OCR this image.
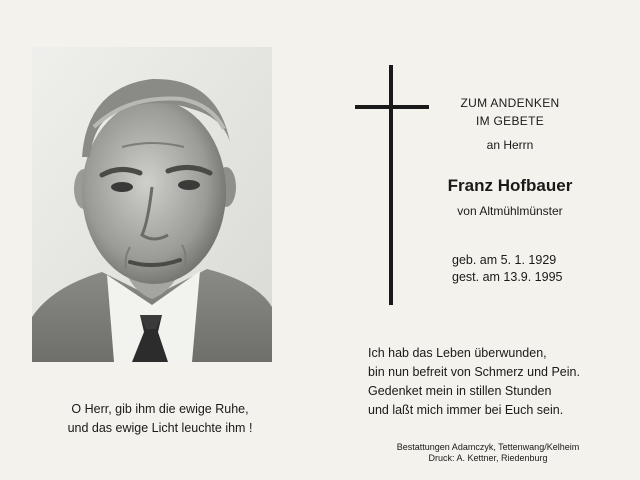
O Herr, gib ihm die ewige Ruhe,
und das ewige Licht leuchte ihm !
ZUM ANDENKEN
IM GEBETE
an Herrn
Franz Hofbauer
von Altmühlmünster
geb. am 5. 1. 1929
gest. am 13.9. 1995
Ich hab das Leben überwunden,
bin nun befreit von Schmerz und Pein.
Gedenket mein in stillen Stunden
und laßt mich immer bei Euch sein.
Bestattungen Adamczyk, Tettenwang/Kelheim
Druck: A. Kettner, Riedenburg
